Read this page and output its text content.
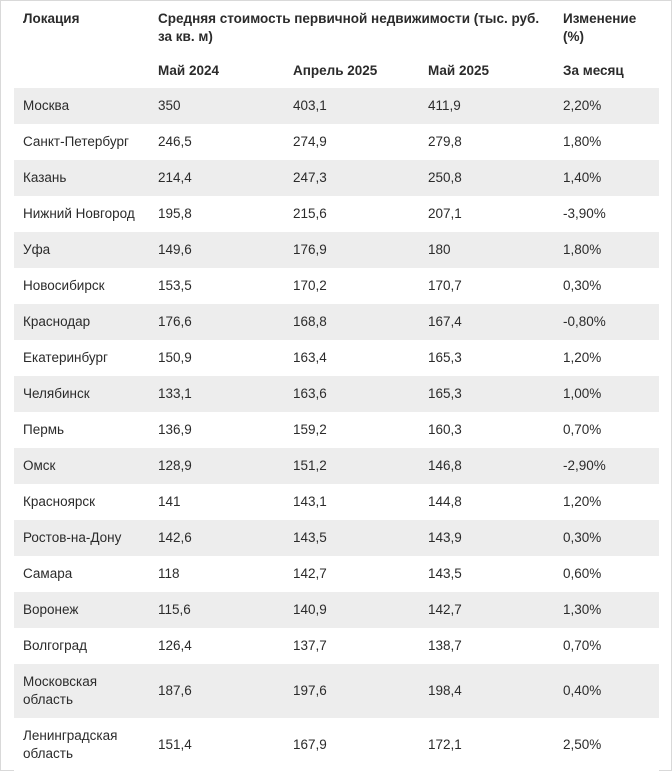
Локация	Средняя стоимость первичной недвижимости (тыс. руб. за кв. м)			Изменение (%)
	Май 2024	Апрель 2025	Май 2025	За месяц
Москва	350	403,1	411,9	2,20%
Санкт-Петербург	246,5	274,9	279,8	1,80%
Казань	214,4	247,3	250,8	1,40%
Нижний Новгород	195,8	215,6	207,1	-3,90%
Уфа	149,6	176,9	180	1,80%
Новосибирск	153,5	170,2	170,7	0,30%
Краснодар	176,6	168,8	167,4	-0,80%
Екатеринбург	150,9	163,4	165,3	1,20%
Челябинск	133,1	163,6	165,3	1,00%
Пермь	136,9	159,2	160,3	0,70%
Омск	128,9	151,2	146,8	-2,90%
Красноярск	141	143,1	144,8	1,20%
Ростов-на-Дону	142,6	143,5	143,9	0,30%
Самара	118	142,7	143,5	0,60%
Воронеж	115,6	140,9	142,7	1,30%
Волгоград	126,4	137,7	138,7	0,70%
Московская область	187,6	197,6	198,4	0,40%
Ленинградская область	151,4	167,9	172,1	2,50%
